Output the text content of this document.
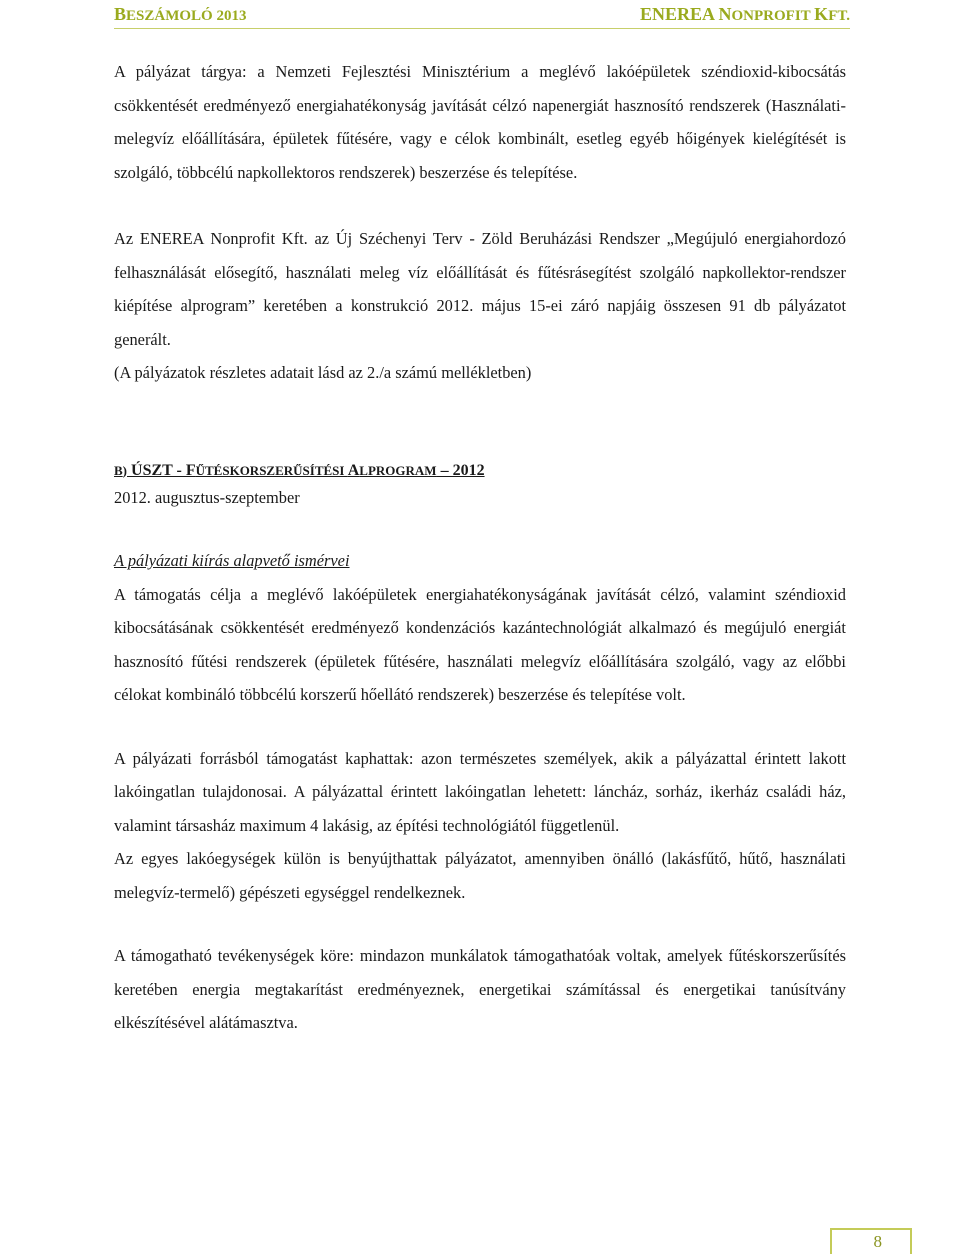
BESZÁMOLÓ 2013	ENEREA NONPROFIT KFT.

A pályázat tárgya: a Nemzeti Fejlesztési Minisztérium a meglévő lakóépületek széndioxid-kibocsátás csökkentését eredményező energiahatékonyság javítását célzó napenergiát hasznosító rendszerek (Használati-melegvíz előállítására, épületek fűtésére, vagy e célok kombinált, esetleg egyéb hőigények kielégítését is szolgáló, többcélú napkollektoros rendszerek) beszerzése és telepítése.

Az ENEREA Nonprofit Kft. az Új Széchenyi Terv - Zöld Beruházási Rendszer „Megújuló energiahordozó felhasználását elősegítő, használati meleg víz előállítását és fűtésrásegítést szolgáló napkollektor-rendszer kiépítése alprogram” keretében a konstrukció 2012. május 15-ei záró napjáig összesen 91 db pályázatot generált.

(A pályázatok részletes adatait lásd az 2./a számú mellékletben)

B) ÚSZT - FŰTÉSKORSZERŰSÍTÉSI ALPROGRAM – 2012

2012. augusztus-szeptember

A pályázati kiírás alapvető ismérvei

A támogatás célja a meglévő lakóépületek energiahatékonyságának javítását célzó, valamint széndioxid kibocsátásának csökkentését eredményező kondenzációs kazántechnológiát alkalmazó és megújuló energiát hasznosító fűtési rendszerek (épületek fűtésére, használati melegvíz előállítására szolgáló, vagy az előbbi célokat kombináló többcélú korszerű hőellátó rendszerek) beszerzése és telepítése volt.

A pályázati forrásból támogatást kaphattak: azon természetes személyek, akik a pályázattal érintett lakott lakóingatlan tulajdonosai. A pályázattal érintett lakóingatlan lehetett: láncház, sorház, ikerház családi ház, valamint társasház maximum 4 lakásig, az építési technológiától függetlenül.

Az egyes lakóegységek külön is benyújthattak pályázatot, amennyiben önálló (lakásfűtő, hűtő, használati melegvíz-termelő) gépészeti egységgel rendelkeznek.

A támogatható tevékenységek köre: mindazon munkálatok támogathatóak voltak, amelyek fűtéskorszerűsítés keretében energia megtakarítást eredményeznek, energetikai számítással és energetikai tanúsítvány elkészítésével alátámasztva.

8
